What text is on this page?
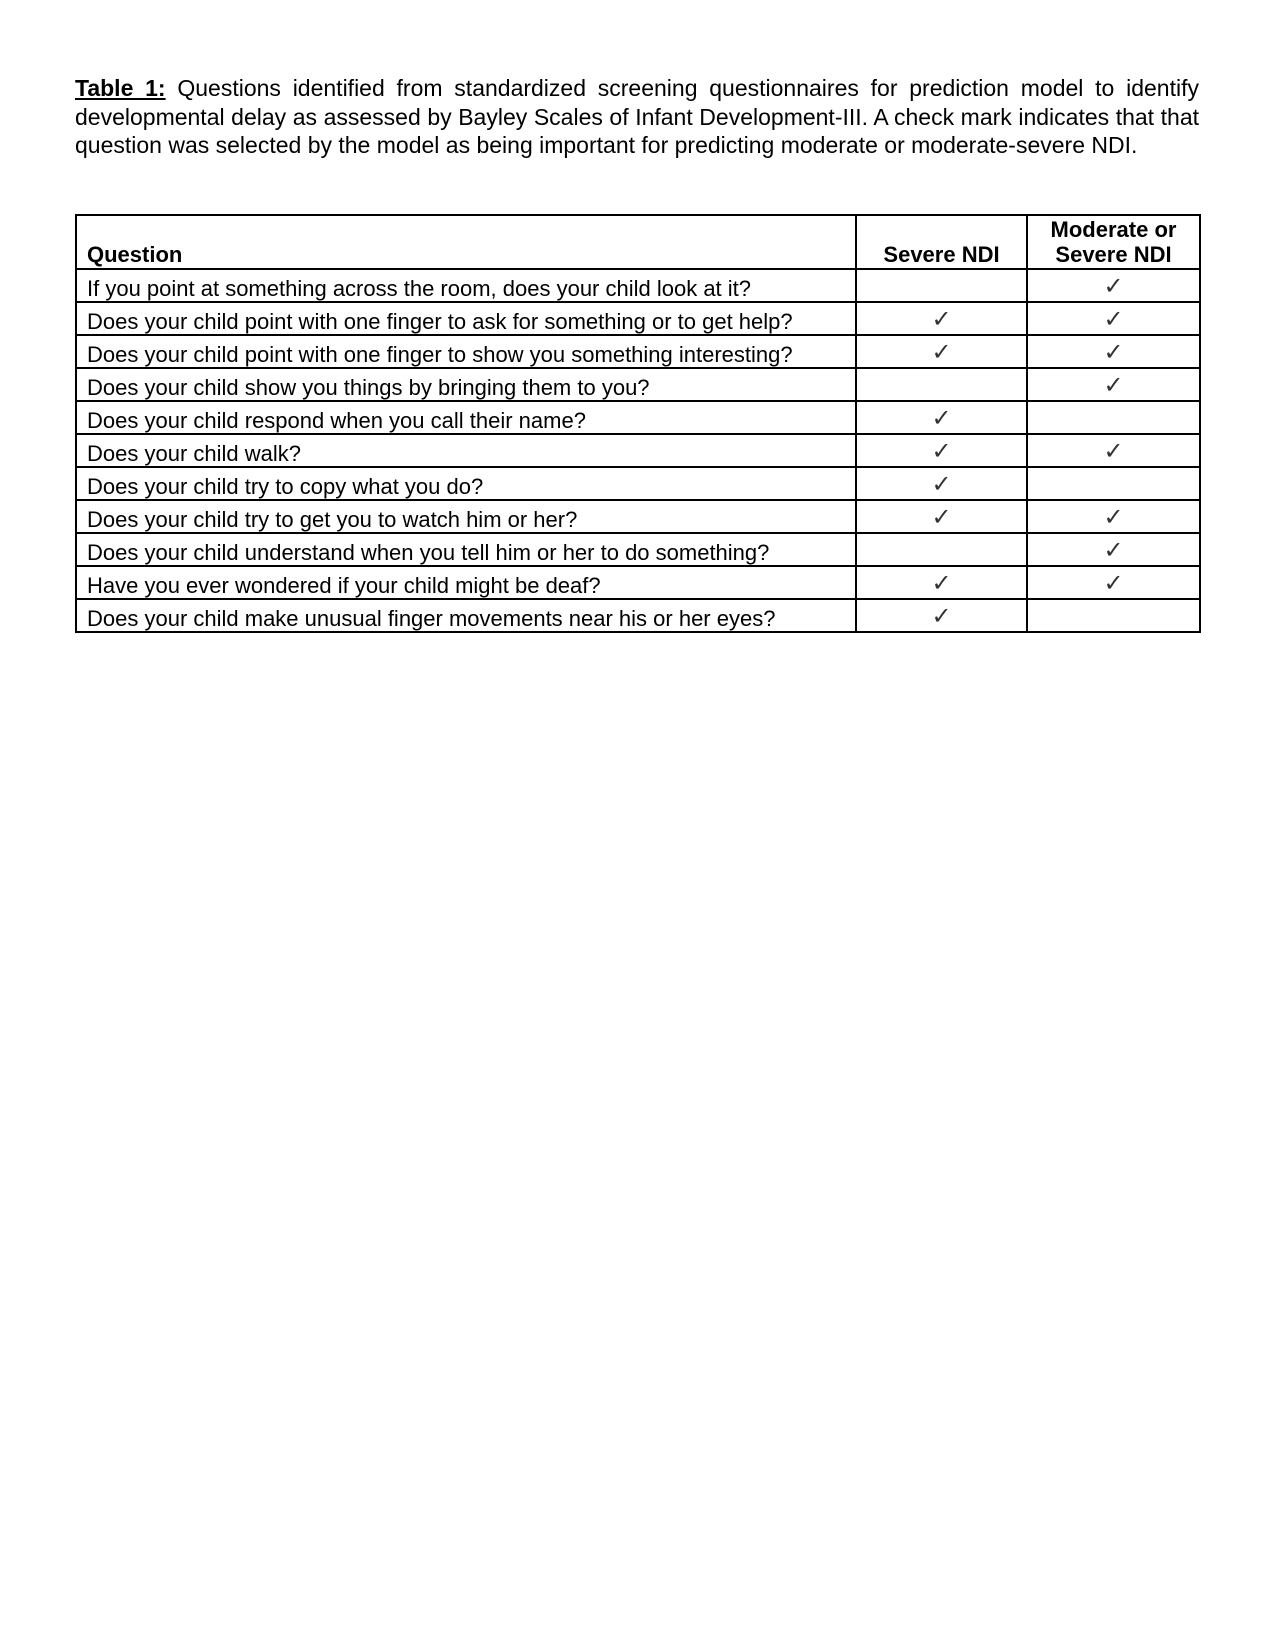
Table 1: Questions identified from standardized screening questionnaires for prediction model to identify developmental delay as assessed by Bayley Scales of Infant Development-III. A check mark indicates that that question was selected by the model as being important for predicting moderate or moderate-severe NDI.
Question	Severe NDI	Moderate or
Severe NDI
If you point at something across the room, does your child look at it?		✓
Does your child point with one finger to ask for something or to get help?	✓	✓
Does your child point with one finger to show you something interesting?	✓	✓
Does your child show you things by bringing them to you?		✓
Does your child respond when you call their name?	✓	
Does your child walk?	✓	✓
Does your child try to copy what you do?	✓	
Does your child try to get you to watch him or her?	✓	✓
Does your child understand when you tell him or her to do something?		✓
Have you ever wondered if your child might be deaf?	✓	✓
Does your child make unusual finger movements near his or her eyes?	✓	
